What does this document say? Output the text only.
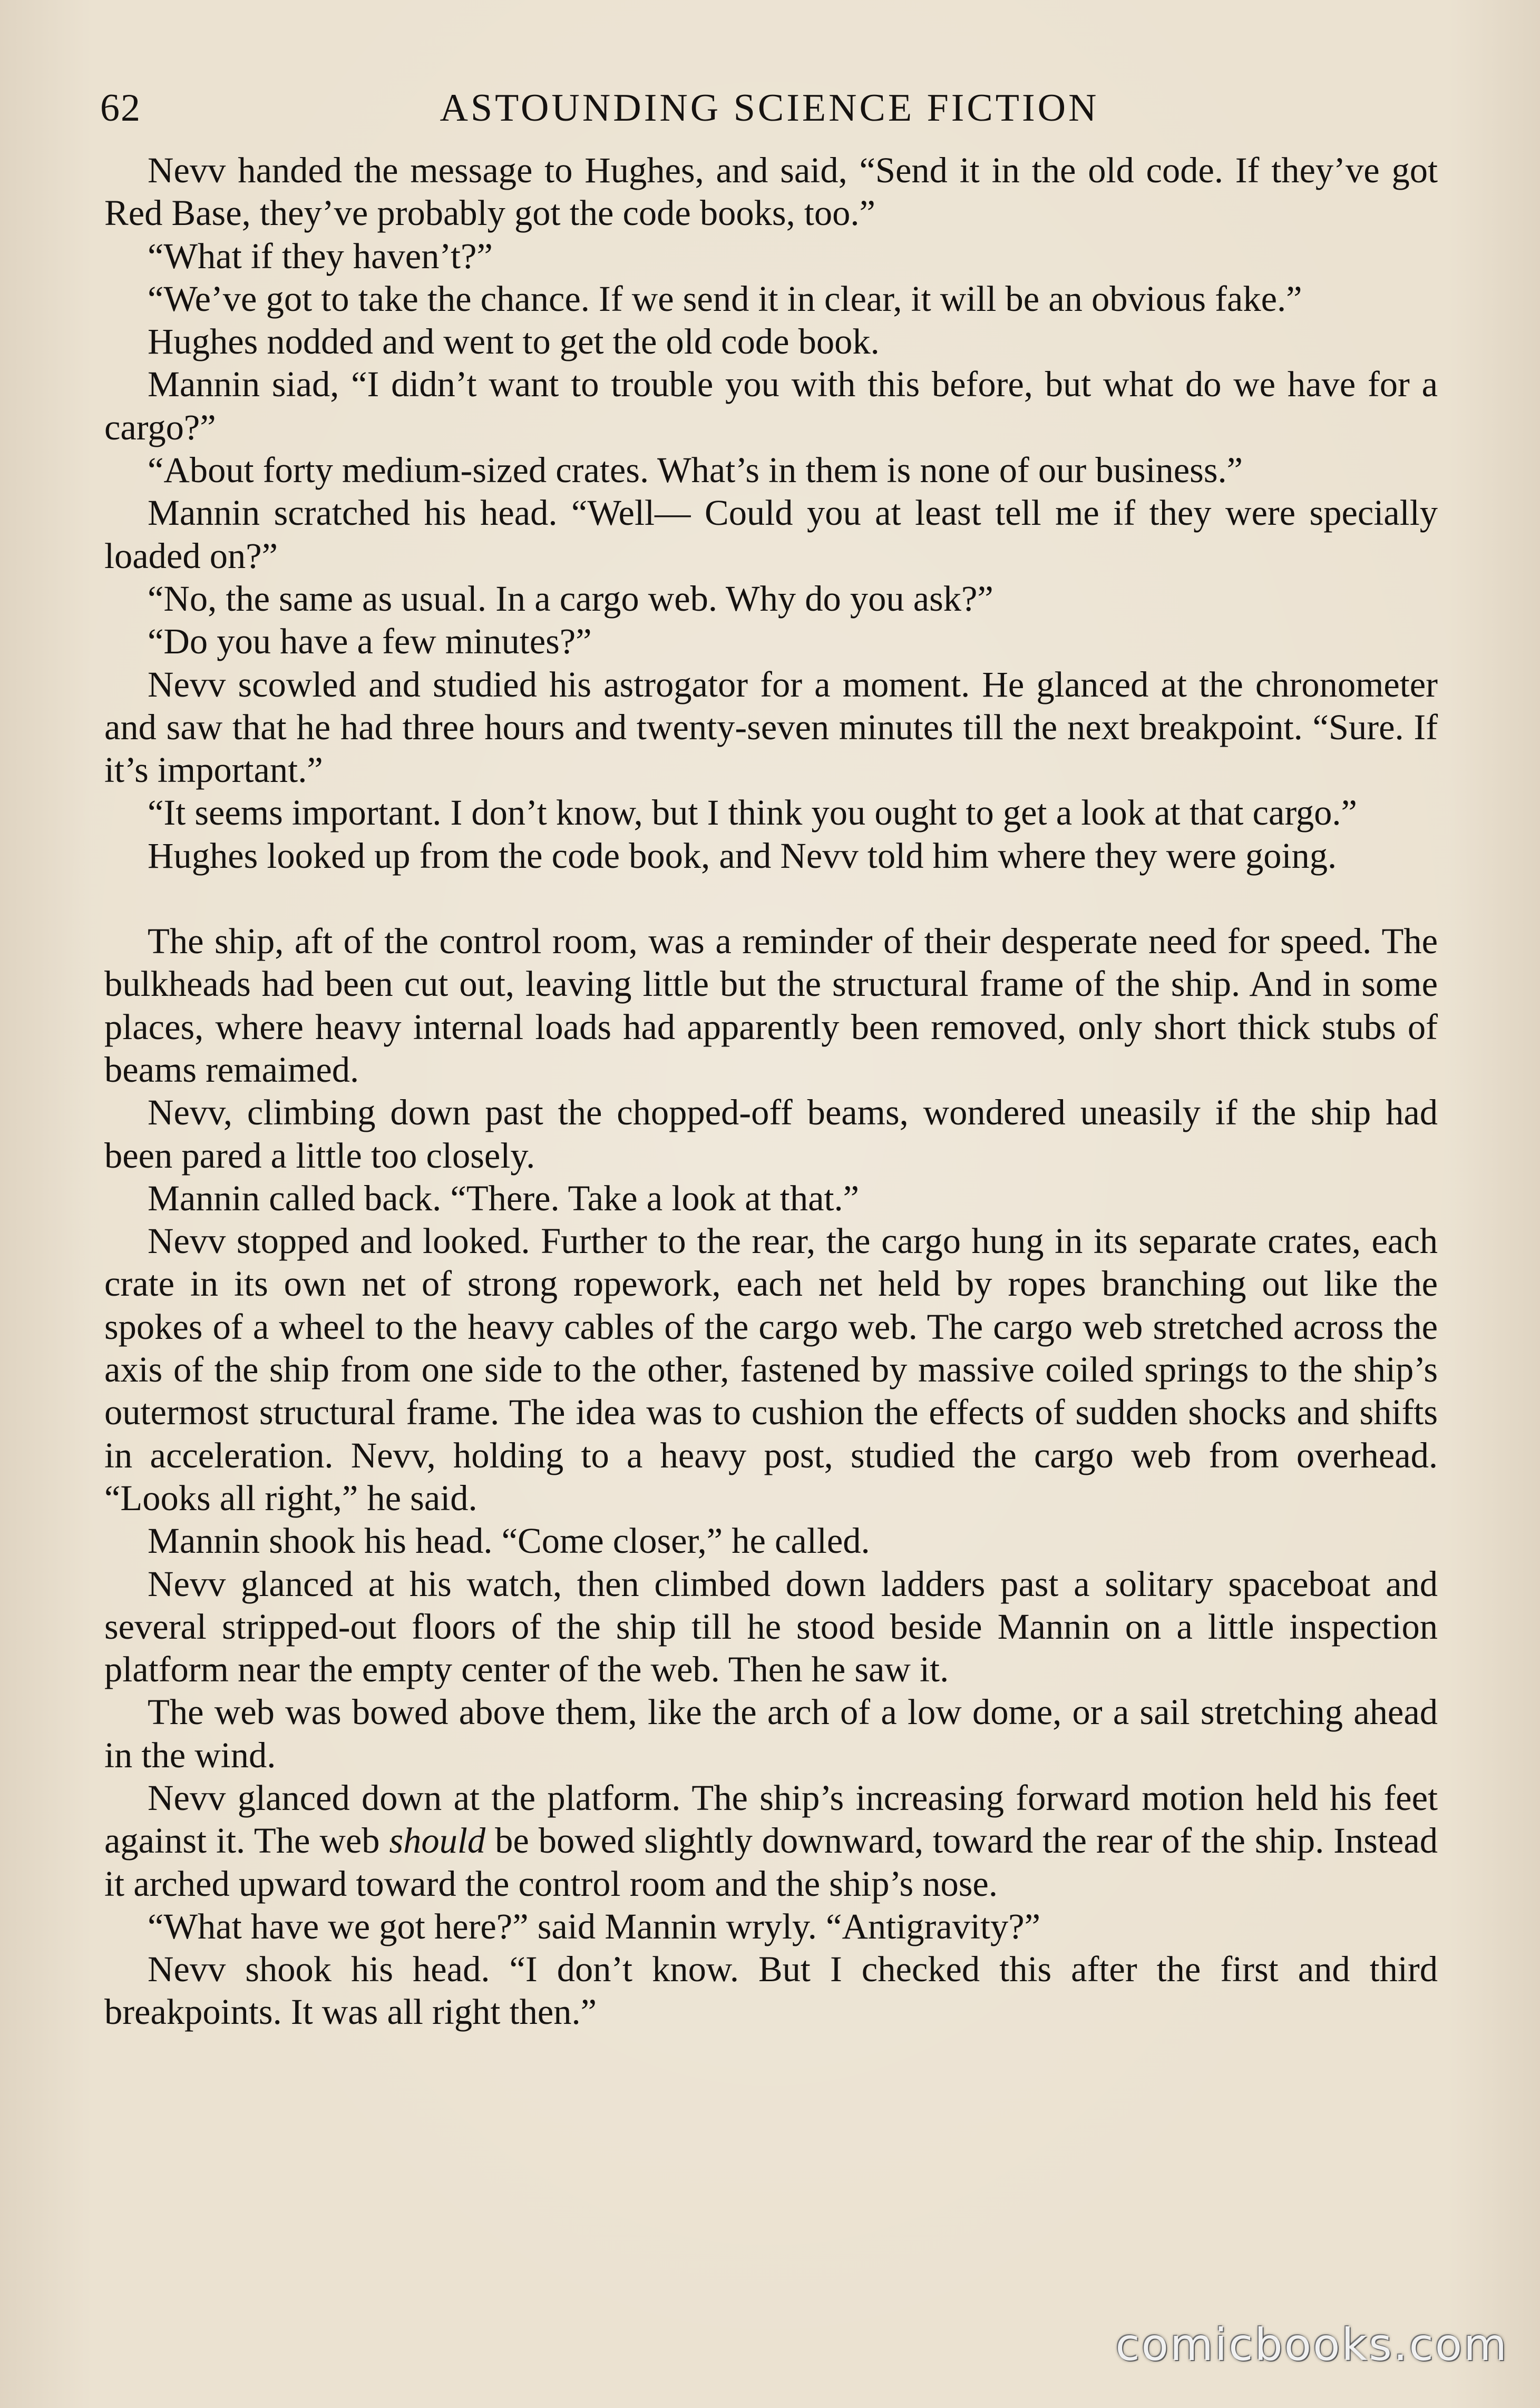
62	ASTOUNDING SCIENCE FICTION

Nevv handed the message to Hughes, and said, “Send it in the old code. If they’ve got Red Base, they’ve probably got the code books, too.”

“What if they haven’t?”

“We’ve got to take the chance. If we send it in clear, it will be an obvious fake.”

Hughes nodded and went to get the old code book.

Mannin siad, “I didn’t want to trouble you with this before, but what do we have for a cargo?”

“About forty medium-sized crates. What’s in them is none of our business.”

Mannin scratched his head. “Well— Could you at least tell me if they were specially loaded on?”

“No, the same as usual. In a cargo web. Why do you ask?”

“Do you have a few minutes?”

Nevv scowled and studied his astrogator for a moment. He glanced at the chronometer and saw that he had three hours and twenty-seven minutes till the next breakpoint. “Sure. If it’s important.”

“It seems important. I don’t know, but I think you ought to get a look at that cargo.”

Hughes looked up from the code book, and Nevv told him where they were going.

The ship, aft of the control room, was a reminder of their desperate need for speed. The bulkheads had been cut out, leaving little but the structural frame of the ship. And in some places, where heavy internal loads had apparently been removed, only short thick stubs of beams remaimed.

Nevv, climbing down past the chopped-off beams, wondered uneasily if the ship had been pared a little too closely.

Mannin called back. “There. Take a look at that.”

Nevv stopped and looked. Further to the rear, the cargo hung in its separate crates, each crate in its own net of strong ropework, each net held by ropes branching out like the spokes of a wheel to the heavy cables of the cargo web. The cargo web stretched across the axis of the ship from one side to the other, fastened by massive coiled springs to the ship’s outermost structural frame. The idea was to cushion the effects of sudden shocks and shifts in acceleration. Nevv, holding to a heavy post, studied the cargo web from overhead. “Looks all right,” he said.

Mannin shook his head. “Come closer,” he called.

Nevv glanced at his watch, then climbed down ladders past a solitary spaceboat and several stripped-out floors of the ship till he stood beside Mannin on a little inspection platform near the empty center of the web. Then he saw it.

The web was bowed above them, like the arch of a low dome, or a sail stretching ahead in the wind.

Nevv glanced down at the platform. The ship’s increasing forward motion held his feet against it. The web should be bowed slightly downward, toward the rear of the ship. Instead it arched upward toward the control room and the ship’s nose.

“What have we got here?” said Mannin wryly. “Antigravity?”

Nevv shook his head. “I don’t know. But I checked this after the first and third breakpoints. It was all right then.”

comicbooks.com
